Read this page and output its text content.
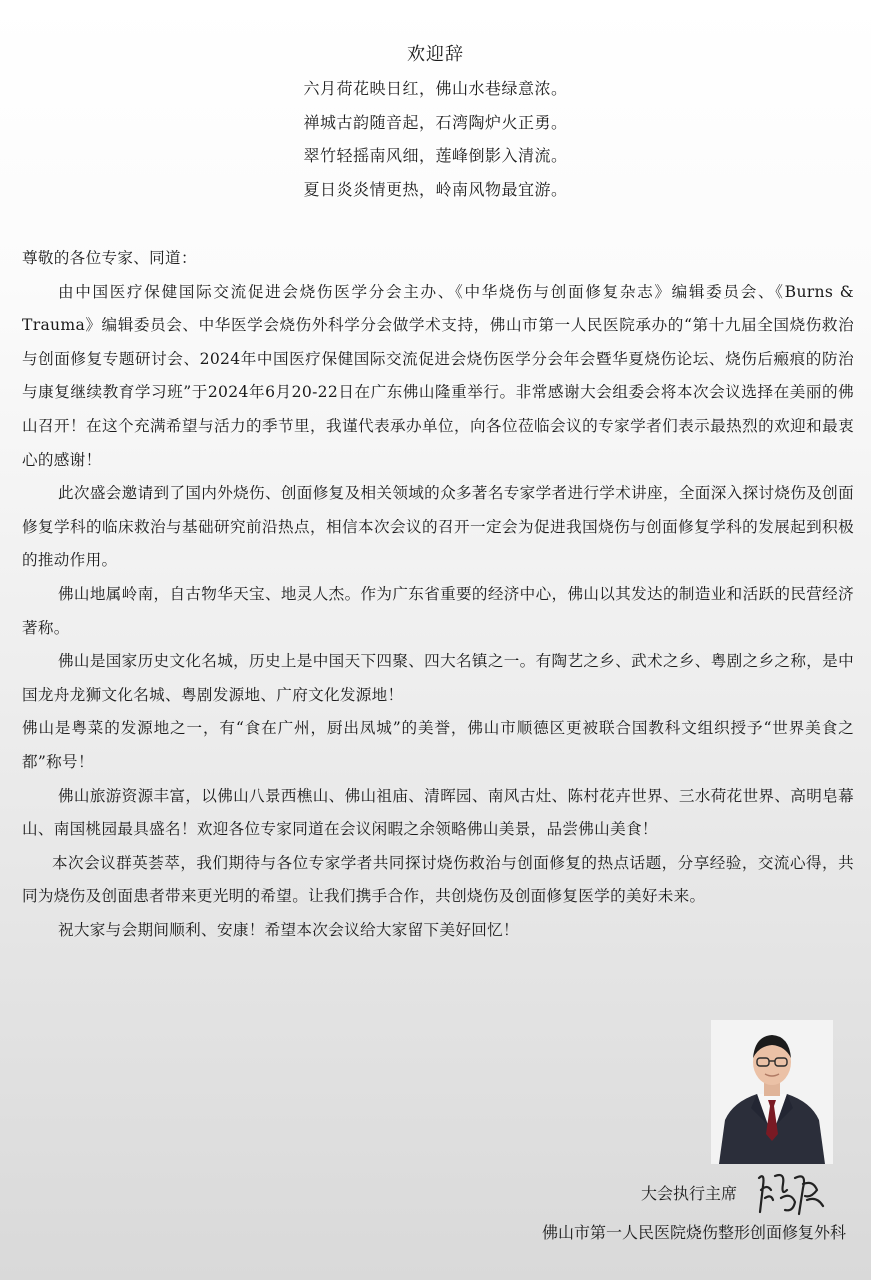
欢迎辞
六月荷花映日红，佛山水巷绿意浓。
禅城古韵随音起，石湾陶炉火正勇。
翠竹轻摇南风细，莲峰倒影入清流。
夏日炎炎情更热，岭南风物最宜游。

尊敬的各位专家、同道：

由中国医疗保健国际交流促进会烧伤医学分会主办、《中华烧伤与创面修复杂志》编辑委员会、《Burns & Trauma》编辑委员会、中华医学会烧伤外科学分会做学术支持，佛山市第一人民医院承办的“第十九届全国烧伤救治与创面修复专题研讨会、2024年中国医疗保健国际交流促进会烧伤医学分会年会暨华夏烧伤论坛、烧伤后瘢痕的防治与康复继续教育学习班”于2024年6月20-22日在广东佛山隆重举行。非常感谢大会组委会将本次会议选择在美丽的佛山召开！在这个充满希望与活力的季节里，我谨代表承办单位，向各位莅临会议的专家学者们表示最热烈的欢迎和最衷心的感谢！

此次盛会邀请到了国内外烧伤、创面修复及相关领域的众多著名专家学者进行学术讲座，全面深入探讨烧伤及创面修复学科的临床救治与基础研究前沿热点，相信本次会议的召开一定会为促进我国烧伤与创面修复学科的发展起到积极的推动作用。

佛山地属岭南，自古物华天宝、地灵人杰。作为广东省重要的经济中心，佛山以其发达的制造业和活跃的民营经济著称。

佛山是国家历史文化名城，历史上是中国天下四聚、四大名镇之一。有陶艺之乡、武术之乡、粤剧之乡之称，是中国龙舟龙狮文化名城、粤剧发源地、广府文化发源地！

佛山是粤菜的发源地之一，有“食在广州，厨出凤城”的美誉，佛山市顺德区更被联合国教科文组织授予“世界美食之都”称号！

佛山旅游资源丰富，以佛山八景西樵山、佛山祖庙、清晖园、南风古灶、陈村花卉世界、三水荷花世界、高明皂幕山、南国桃园最具盛名！欢迎各位专家同道在会议闲暇之余领略佛山美景，品尝佛山美食！

本次会议群英荟萃，我们期待与各位专家学者共同探讨烧伤救治与创面修复的热点话题，分享经验，交流心得，共同为烧伤及创面患者带来更光明的希望。让我们携手合作，共创烧伤及创面修复医学的美好未来。

祝大家与会期间顺利、安康！希望本次会议给大家留下美好回忆！

大会执行主席
佛山市第一人民医院烧伤整形创面修复外科
